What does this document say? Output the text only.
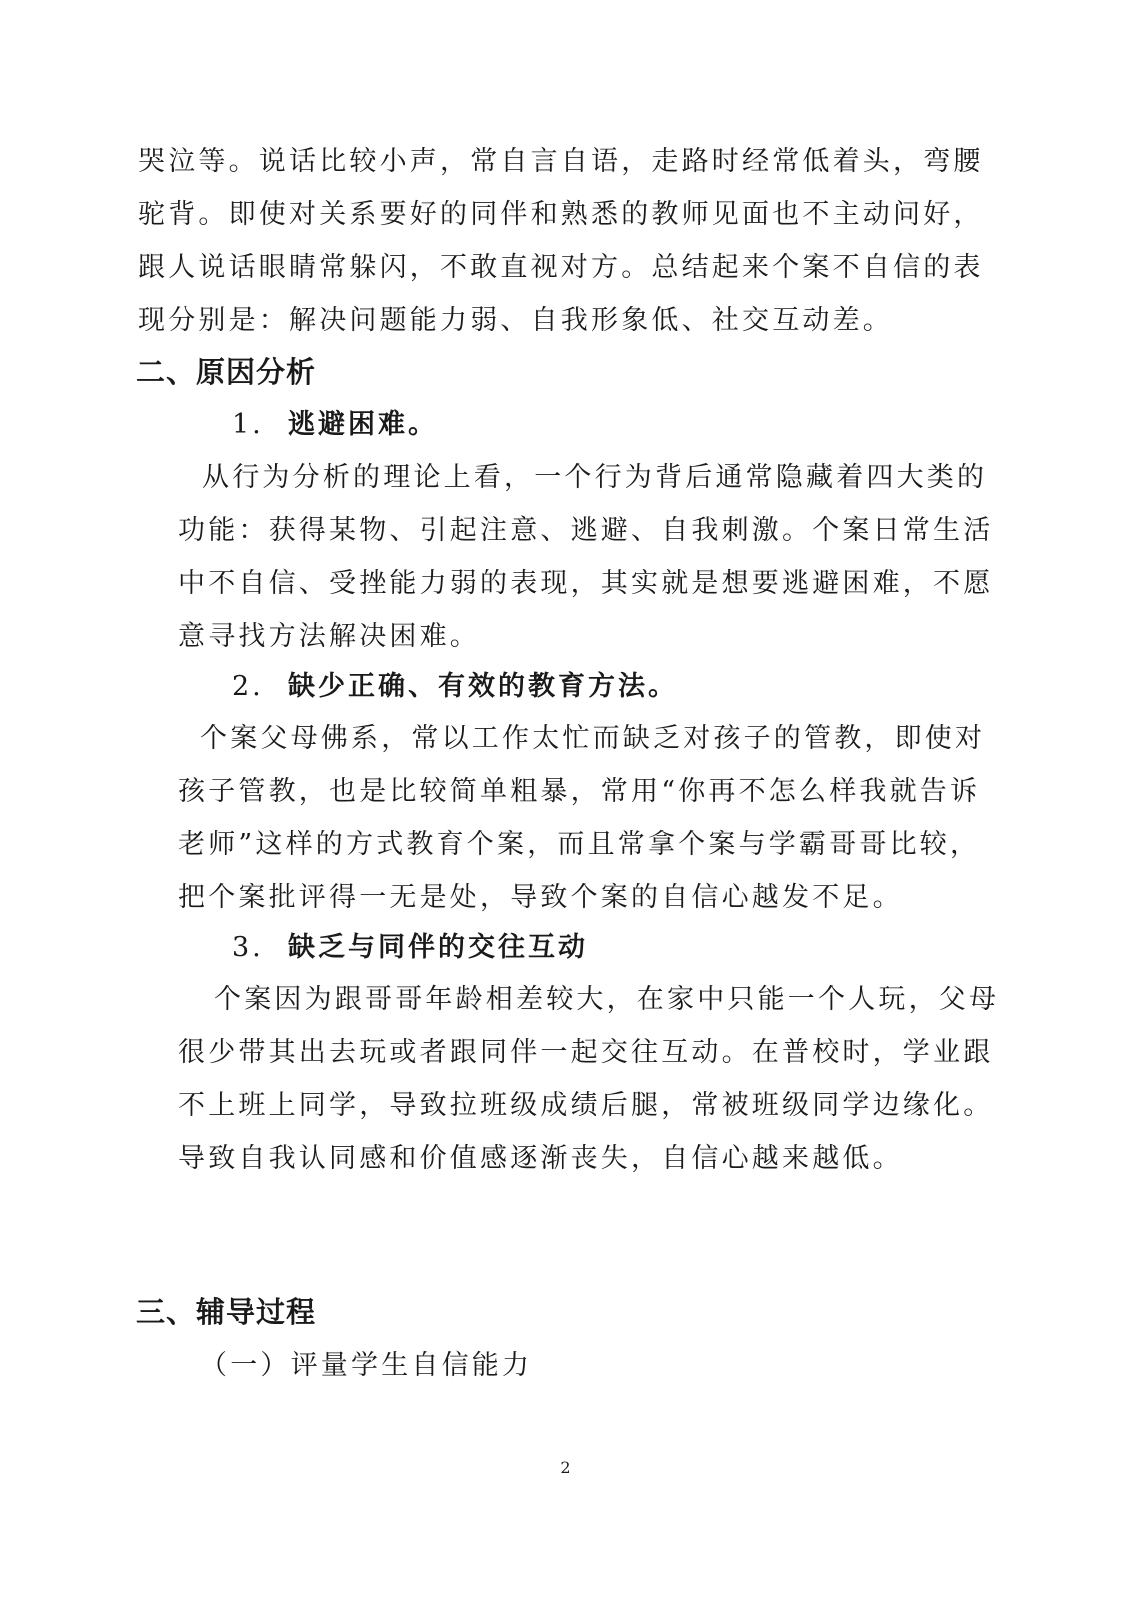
哭泣等。说话比较小声，常自言自语，走路时经常低着头，弯腰
驼背。即使对关系要好的同伴和熟悉的教师见面也不主动问好，
跟人说话眼睛常躲闪，不敢直视对方。总结起来个案不自信的表
现分别是：解决问题能力弱、自我形象低、社交互动差。
二、原因分析
1. 逃避困难。
从行为分析的理论上看，一个行为背后通常隐藏着四大类的
功能：获得某物、引起注意、逃避、自我刺激。个案日常生活
中不自信、受挫能力弱的表现，其实就是想要逃避困难，不愿
意寻找方法解决困难。
2. 缺少正确、有效的教育方法。
个案父母佛系，常以工作太忙而缺乏对孩子的管教，即使对
孩子管教，也是比较简单粗暴，常用“你再不怎么样我就告诉
老师”这样的方式教育个案，而且常拿个案与学霸哥哥比较，
把个案批评得一无是处，导致个案的自信心越发不足。
3. 缺乏与同伴的交往互动
个案因为跟哥哥年龄相差较大，在家中只能一个人玩，父母
很少带其出去玩或者跟同伴一起交往互动。在普校时，学业跟
不上班上同学，导致拉班级成绩后腿，常被班级同学边缘化。
导致自我认同感和价值感逐渐丧失，自信心越来越低。
三、辅导过程
（一）评量学生自信能力
2
